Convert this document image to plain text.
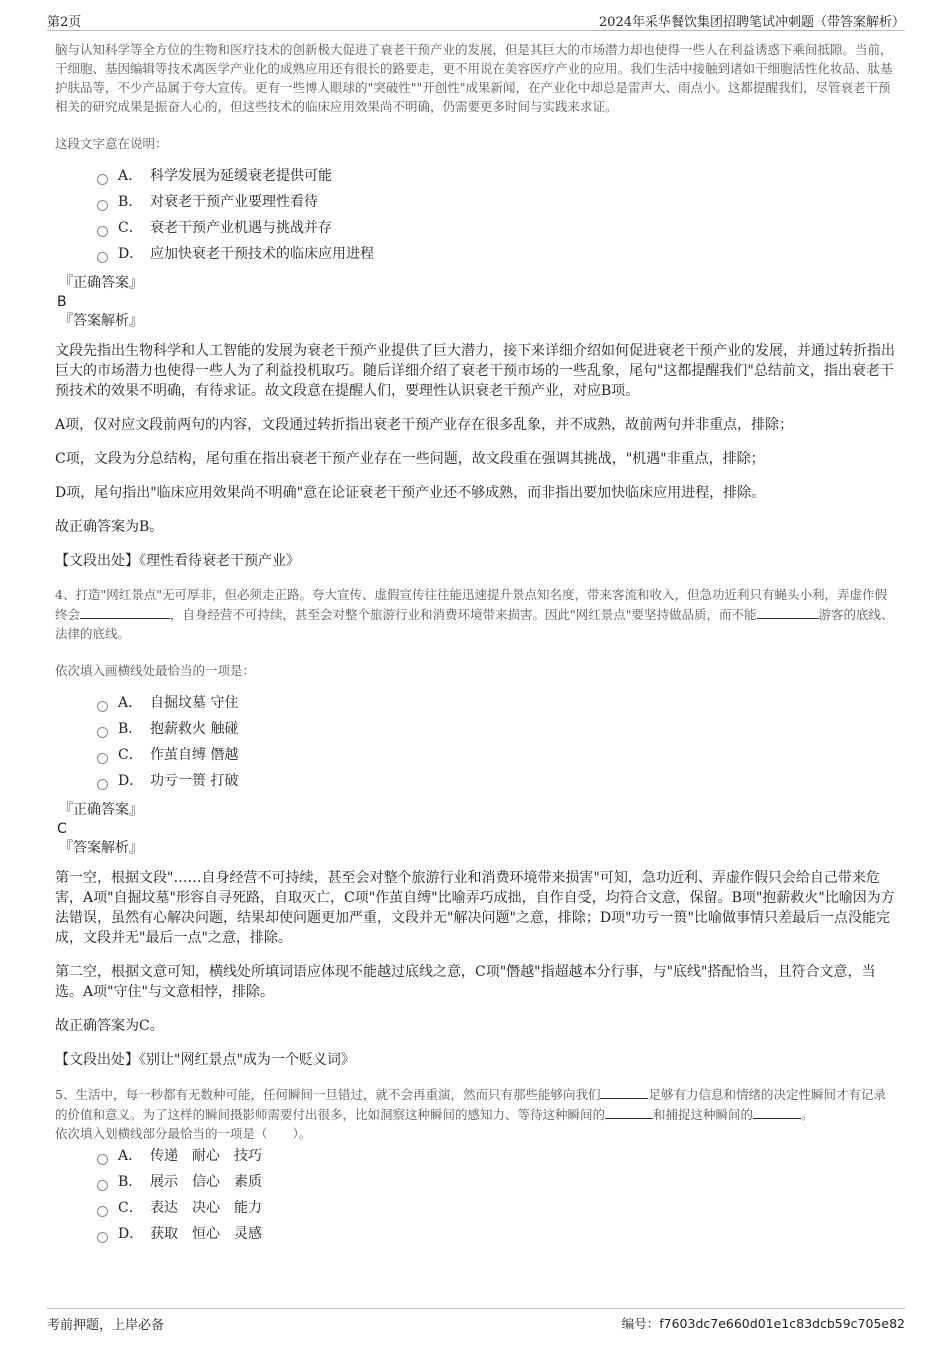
第2页	2024年采华餐饮集团招聘笔试冲刺题（带答案解析）

脑与认知科学等全方位的生物和医疗技术的创新极大促进了衰老干预产业的发展，但是其巨大的市场潜力却也使得一些人在利益诱惑下乘间抵隙。当前，干细胞、基因编辑等技术离医学产业化的成熟应用还有很长的路要走，更不用说在美容医疗产业的应用。我们生活中接触到诸如干细胞活性化妆品、肽基护肤品等，不少产品属于夸大宣传。更有一些博人眼球的"突破性""开创性"成果新闻，在产业化中却总是雷声大、雨点小。这都提醒我们，尽管衰老干预相关的研究成果是振奋人心的，但这些技术的临床应用效果尚不明确，仍需要更多时间与实践来求证。

这段文字意在说明：

A． 科学发展为延缓衰老提供可能
B． 对衰老干预产业要理性看待
C． 衰老干预产业机遇与挑战并存
D． 应加快衰老干预技术的临床应用进程

『正确答案』

B

『答案解析』

文段先指出生物科学和人工智能的发展为衰老干预产业提供了巨大潜力，接下来详细介绍如何促进衰老干预产业的发展，并通过转折指出巨大的市场潜力也使得一些人为了利益投机取巧。随后详细介绍了衰老干预市场的一些乱象，尾句"这都提醒我们"总结前文，指出衰老干预技术的效果不明确，有待求证。故文段意在提醒人们，要理性认识衰老干预产业，对应B项。

A项，仅对应文段前两句的内容，文段通过转折指出衰老干预产业存在很多乱象，并不成熟，故前两句并非重点，排除；

C项，文段为分总结构，尾句重在指出衰老干预产业存在一些问题，故文段重在强调其挑战，"机遇"非重点，排除；

D项，尾句指出"临床应用效果尚不明确"意在论证衰老干预产业还不够成熟，而非指出要加快临床应用进程，排除。

故正确答案为B。

【文段出处】《理性看待衰老干预产业》

4、打造"网红景点"无可厚非，但必须走正路。夸大宣传、虚假宣传往往能迅速提升景点知名度，带来客流和收入，但急功近利只有蝇头小利，弄虚作假终会	，自身经营不可持续，甚至会对整个旅游行业和消费环境带来损害。因此"网红景点"要坚持做品质，而不能	游客的底线、法律的底线。

依次填入画横线处最恰当的一项是：

A． 自掘坟墓 守住
B． 抱薪救火 触碰
C． 作茧自缚 僭越
D． 功亏一篑 打破

『正确答案』

C

『答案解析』

第一空，根据文段"……自身经营不可持续，甚至会对整个旅游行业和消费环境带来损害"可知，急功近利、弄虚作假只会给自己带来危害，A项"自掘坟墓"形容自寻死路，自取灭亡，C项"作茧自缚"比喻弄巧成拙，自作自受，均符合文意，保留。B项"抱薪救火"比喻因为方法错误，虽然有心解决问题，结果却使问题更加严重，文段并无"解决问题"之意，排除；D项"功亏一篑"比喻做事情只差最后一点没能完成，文段并无"最后一点"之意，排除。

第二空，根据文意可知，横线处所填词语应体现不能越过底线之意，C项"僭越"指超越本分行事，与"底线"搭配恰当，且符合文意，当选。A项"守住"与文意相悖，排除。

故正确答案为C。

【文段出处】《别让"网红景点"成为一个贬义词》

5、生活中，每一秒都有无数种可能，任何瞬间一旦错过，就不会再重演，然而只有那些能够向我们	足够有力信息和情绪的决定性瞬间才有记录的价值和意义。为了这样的瞬间摄影师需要付出很多，比如洞察这种瞬间的感知力、等待这种瞬间的	和捕捉这种瞬间的	。

依次填入划横线部分最恰当的一项是（　　）。

A． 传递　耐心　技巧
B． 展示　信心　素质
C． 表达　决心　能力
D． 获取　恒心　灵感
考前押题，上岸必备	编号：f7603dc7e660d01e1c83dcb59c705e82
